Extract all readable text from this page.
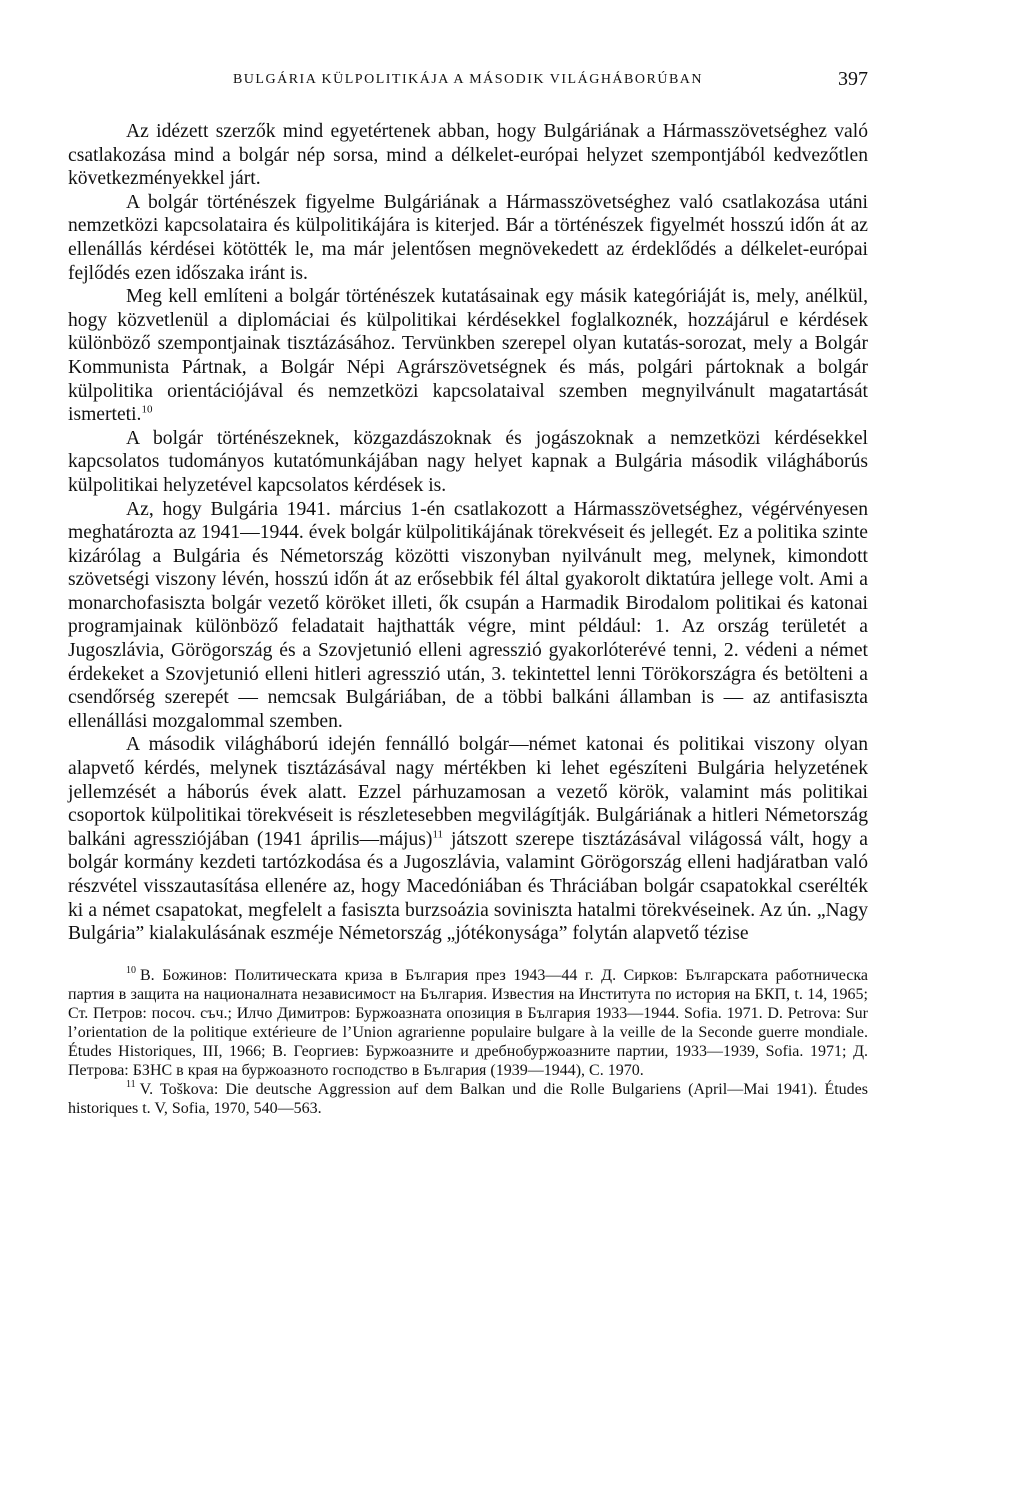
BULGÁRIA KÜLPOLITIKÁJA A MÁSODIK VILÁGHÁBORÚBAN	397

Az idézett szerzők mind egyetértenek abban, hogy Bulgáriának a Hármasszövetséghez való csatlakozása mind a bolgár nép sorsa, mind a délkelet-európai helyzet szempontjából kedvezőtlen következményekkel járt.

A bolgár történészek figyelme Bulgáriának a Hármasszövetséghez való csatlakozása utáni nemzetközi kapcsolataira és külpolitikájára is kiterjed. Bár a történészek figyelmét hosszú időn át az ellenállás kérdései kötötték le, ma már jelentősen megnövekedett az érdeklődés a délkelet-európai fejlődés ezen időszaka iránt is.

Meg kell említeni a bolgár történészek kutatásainak egy másik kategóriáját is, mely, anélkül, hogy közvetlenül a diplomáciai és külpolitikai kérdésekkel foglalkoznék, hozzájárul e kérdések különböző szempontjainak tisztázásához. Tervünkben szerepel olyan kutatás-sorozat, mely a Bolgár Kommunista Pártnak, a Bolgár Népi Agrárszövetségnek és más, polgári pártoknak a bolgár külpolitika orientációjával és nemzetközi kapcsolataival szemben megnyilvánult magatartását ismerteti.$^{10}$

A bolgár történészeknek, közgazdászoknak és jogászoknak a nemzetközi kérdésekkel kapcsolatos tudományos kutatómunkájában nagy helyet kapnak a Bulgária második világháborús külpolitikai helyzetével kapcsolatos kérdések is.

Az, hogy Bulgária 1941. március 1-én csatlakozott a Hármasszövetséghez, végérvényesen meghatározta az 1941—1944. évek bolgár külpolitikájának törekvéseit és jellegét. Ez a politika szinte kizárólag a Bulgária és Németország közötti viszonyban nyilvánult meg, melynek, kimondott szövetségi viszony lévén, hosszú időn át az erősebbik fél által gyakorolt diktatúra jellege volt. Ami a monarchofasiszta bolgár vezető köröket illeti, ők csupán a Harmadik Birodalom politikai és katonai programjainak különböző feladatait hajthatták végre, mint például: 1. Az ország területét a Jugoszlávia, Görögország és a Szovjetunió elleni agresszió gyakorlóterévé tenni, 2. védeni a német érdekeket a Szovjetunió elleni hitleri agresszió után, 3. tekintettel lenni Törökországra és betölteni a csendőrség szerepét — nemcsak Bulgáriában, de a többi balkáni államban is — az antifasiszta ellenállási mozgalommal szemben.

A második világháború idején fennálló bolgár—német katonai és politikai viszony olyan alapvető kérdés, melynek tisztázásával nagy mértékben ki lehet egészíteni Bulgária helyzetének jellemzését a háborús évek alatt. Ezzel párhuzamosan a vezető körök, valamint más politikai csoportok külpolitikai törekvéseit is részletesebben megvilágítják. Bulgáriának a hitleri Németország balkáni agressziójában (1941 április—május)$^{11}$ játszott szerepe tisztázásával világossá vált, hogy a bolgár kormány kezdeti tartózkodása és a Jugoszlávia, valamint Görögország elleni hadjáratban való részvétel visszautasítása ellenére az, hogy Macedóniában és Thráciában bolgár csapatokkal cserélték ki a német csapatokat, megfelelt a fasiszta burzsoázia soviniszta hatalmi törekvéseinek. Az ún. „Nagy Bulgária” kialakulásának eszméje Németország „jótékonysága” folytán alapvető tézise

$^{10}$ В. Божинов: Политическата криза в България през 1943—44 г. Д. Сирков: Българската работническа партия в защита на националната независимост на България. Известия на Института по история на БКП, t. 14, 1965; Ст. Петров: посоч. съч.; Илчо Димитров: Буржоазната опозиция в България 1933—1944. Sofia. 1971. D. Petrova: Sur l’orientation de la politique extérieure de l’Union agrarienne populaire bulgare à la veille de la Seconde guerre mondiale. Études Historiques, III, 1966; В. Георгиев: Буржоазните и дребнобуржоазните партии, 1933—1939, Sofia. 1971; Д. Петрова: БЗНС в края на буржоазното господство в България (1939—1944), C. 1970.

$^{11}$ V. Toškova: Die deutsche Aggression auf dem Balkan und die Rolle Bulgariens (April—Mai 1941). Études historiques t. V, Sofia, 1970, 540—563.
